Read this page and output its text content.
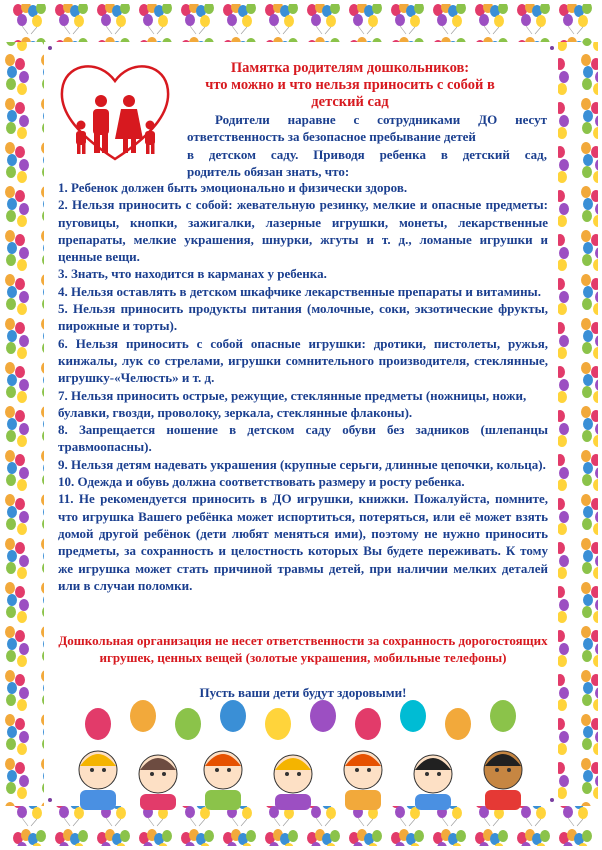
Памятка родителям дошкольников:
что можно и что нельзя приносить с собой в
детский сад

Родители наравне с сотрудниками ДО несут
ответственность за безопасное пребывание детей
в детском саду. Приводя ребенка в детский сад,
родитель обязан знать, что:

1. Ребенок должен быть эмоционально и физически здоров.
2. Нельзя приносить с собой: жевательную резинку, мелкие и опасные предметы: пуговицы, кнопки, зажигалки, лазерные игрушки, монеты, лекарственные препараты, мелкие украшения, шнурки, жгуты и т. д., ломаные игрушки и ценные вещи.
3. Знать, что находится в карманах у ребенка.
4. Нельзя оставлять в детском шкафчике лекарственные препараты и витамины.
5. Нельзя приносить продукты питания (молочные, соки, экзотические фрукты, пирожные и торты).
6. Нельзя приносить с собой опасные игрушки: дротики, пистолеты, ружья, кинжалы, лук со стрелами, игрушки сомнительного производителя, стеклянные, игрушку-«Челюсть» и т. д.
7. Нельзя приносить острые, режущие, стеклянные предметы (ножницы, ножи,
булавки, гвозди, проволоку, зеркала, стеклянные флаконы).
8. Запрещается ношение в детском саду обуви без задников (шлепанцы травмоопасны).
9. Нельзя детям надевать украшения (крупные серьги, длинные цепочки, кольца).
10. Одежда и обувь должна соответствовать размеру и росту ребенка.
11. Не рекомендуется приносить в ДО игрушки, книжки. Пожалуйста, помните, что игрушка Вашего ребёнка может испортиться, потеряться, или её может взять домой другой ребёнок (дети любят меняться ими), поэтому не нужно приносить предметы, за сохранность и целостность которых Вы будете переживать. К тому же игрушка может стать причиной травмы детей, при наличии мелких деталей или в случаи поломки.

Дошкольная организация не несет ответственности за сохранность дорогостоящих игрушек, ценных вещей (золотые украшения, мобильные телефоны)

Пусть ваши дети будут здоровыми!
